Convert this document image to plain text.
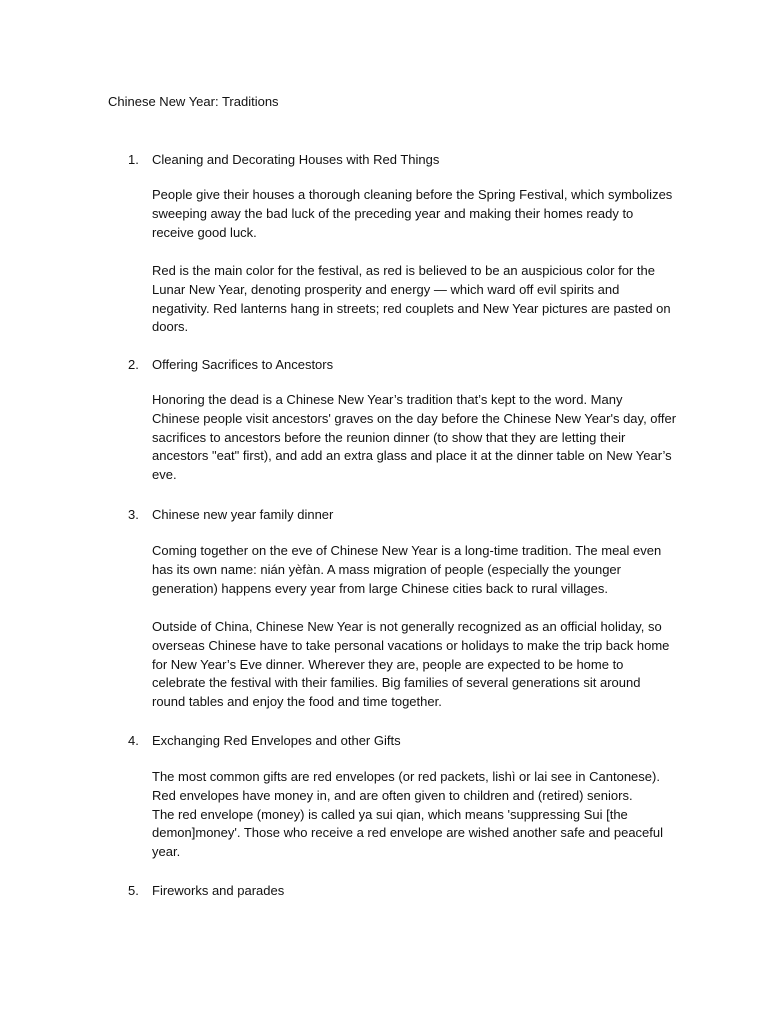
Chinese New Year: Traditions
1. Cleaning and Decorating Houses with Red Things

People give their houses a thorough cleaning before the Spring Festival, which symbolizes
sweeping away the bad luck of the preceding year and making their homes ready to
receive good luck.

Red is the main color for the festival, as red is believed to be an auspicious color for the
Lunar New Year, denoting prosperity and energy — which ward off evil spirits and
negativity. Red lanterns hang in streets; red couplets and New Year pictures are pasted on
doors.

2. Offering Sacrifices to Ancestors

Honoring the dead is a Chinese New Year’s tradition that’s kept to the word. Many
Chinese people visit ancestors' graves on the day before the Chinese New Year's day, offer
sacrifices to ancestors before the reunion dinner (to show that they are letting their
ancestors "eat" first), and add an extra glass and place it at the dinner table on New Year’s
eve.

3. Chinese new year family dinner

Coming together on the eve of Chinese New Year is a long-time tradition. The meal even
has its own name: nián yèfàn. A mass migration of people (especially the younger
generation) happens every year from large Chinese cities back to rural villages.

Outside of China, Chinese New Year is not generally recognized as an official holiday, so
overseas Chinese have to take personal vacations or holidays to make the trip back home
for New Year’s Eve dinner. Wherever they are, people are expected to be home to
celebrate the festival with their families. Big families of several generations sit around
round tables and enjoy the food and time together.

4. Exchanging Red Envelopes and other Gifts

The most common gifts are red envelopes (or red packets, lishì or lai see in Cantonese).
Red envelopes have money in, and are often given to children and (retired) seniors.
The red envelope (money) is called ya sui qian, which means 'suppressing Sui [the
demon]money'. Those who receive a red envelope are wished another safe and peaceful
year.

5. Fireworks and parades
